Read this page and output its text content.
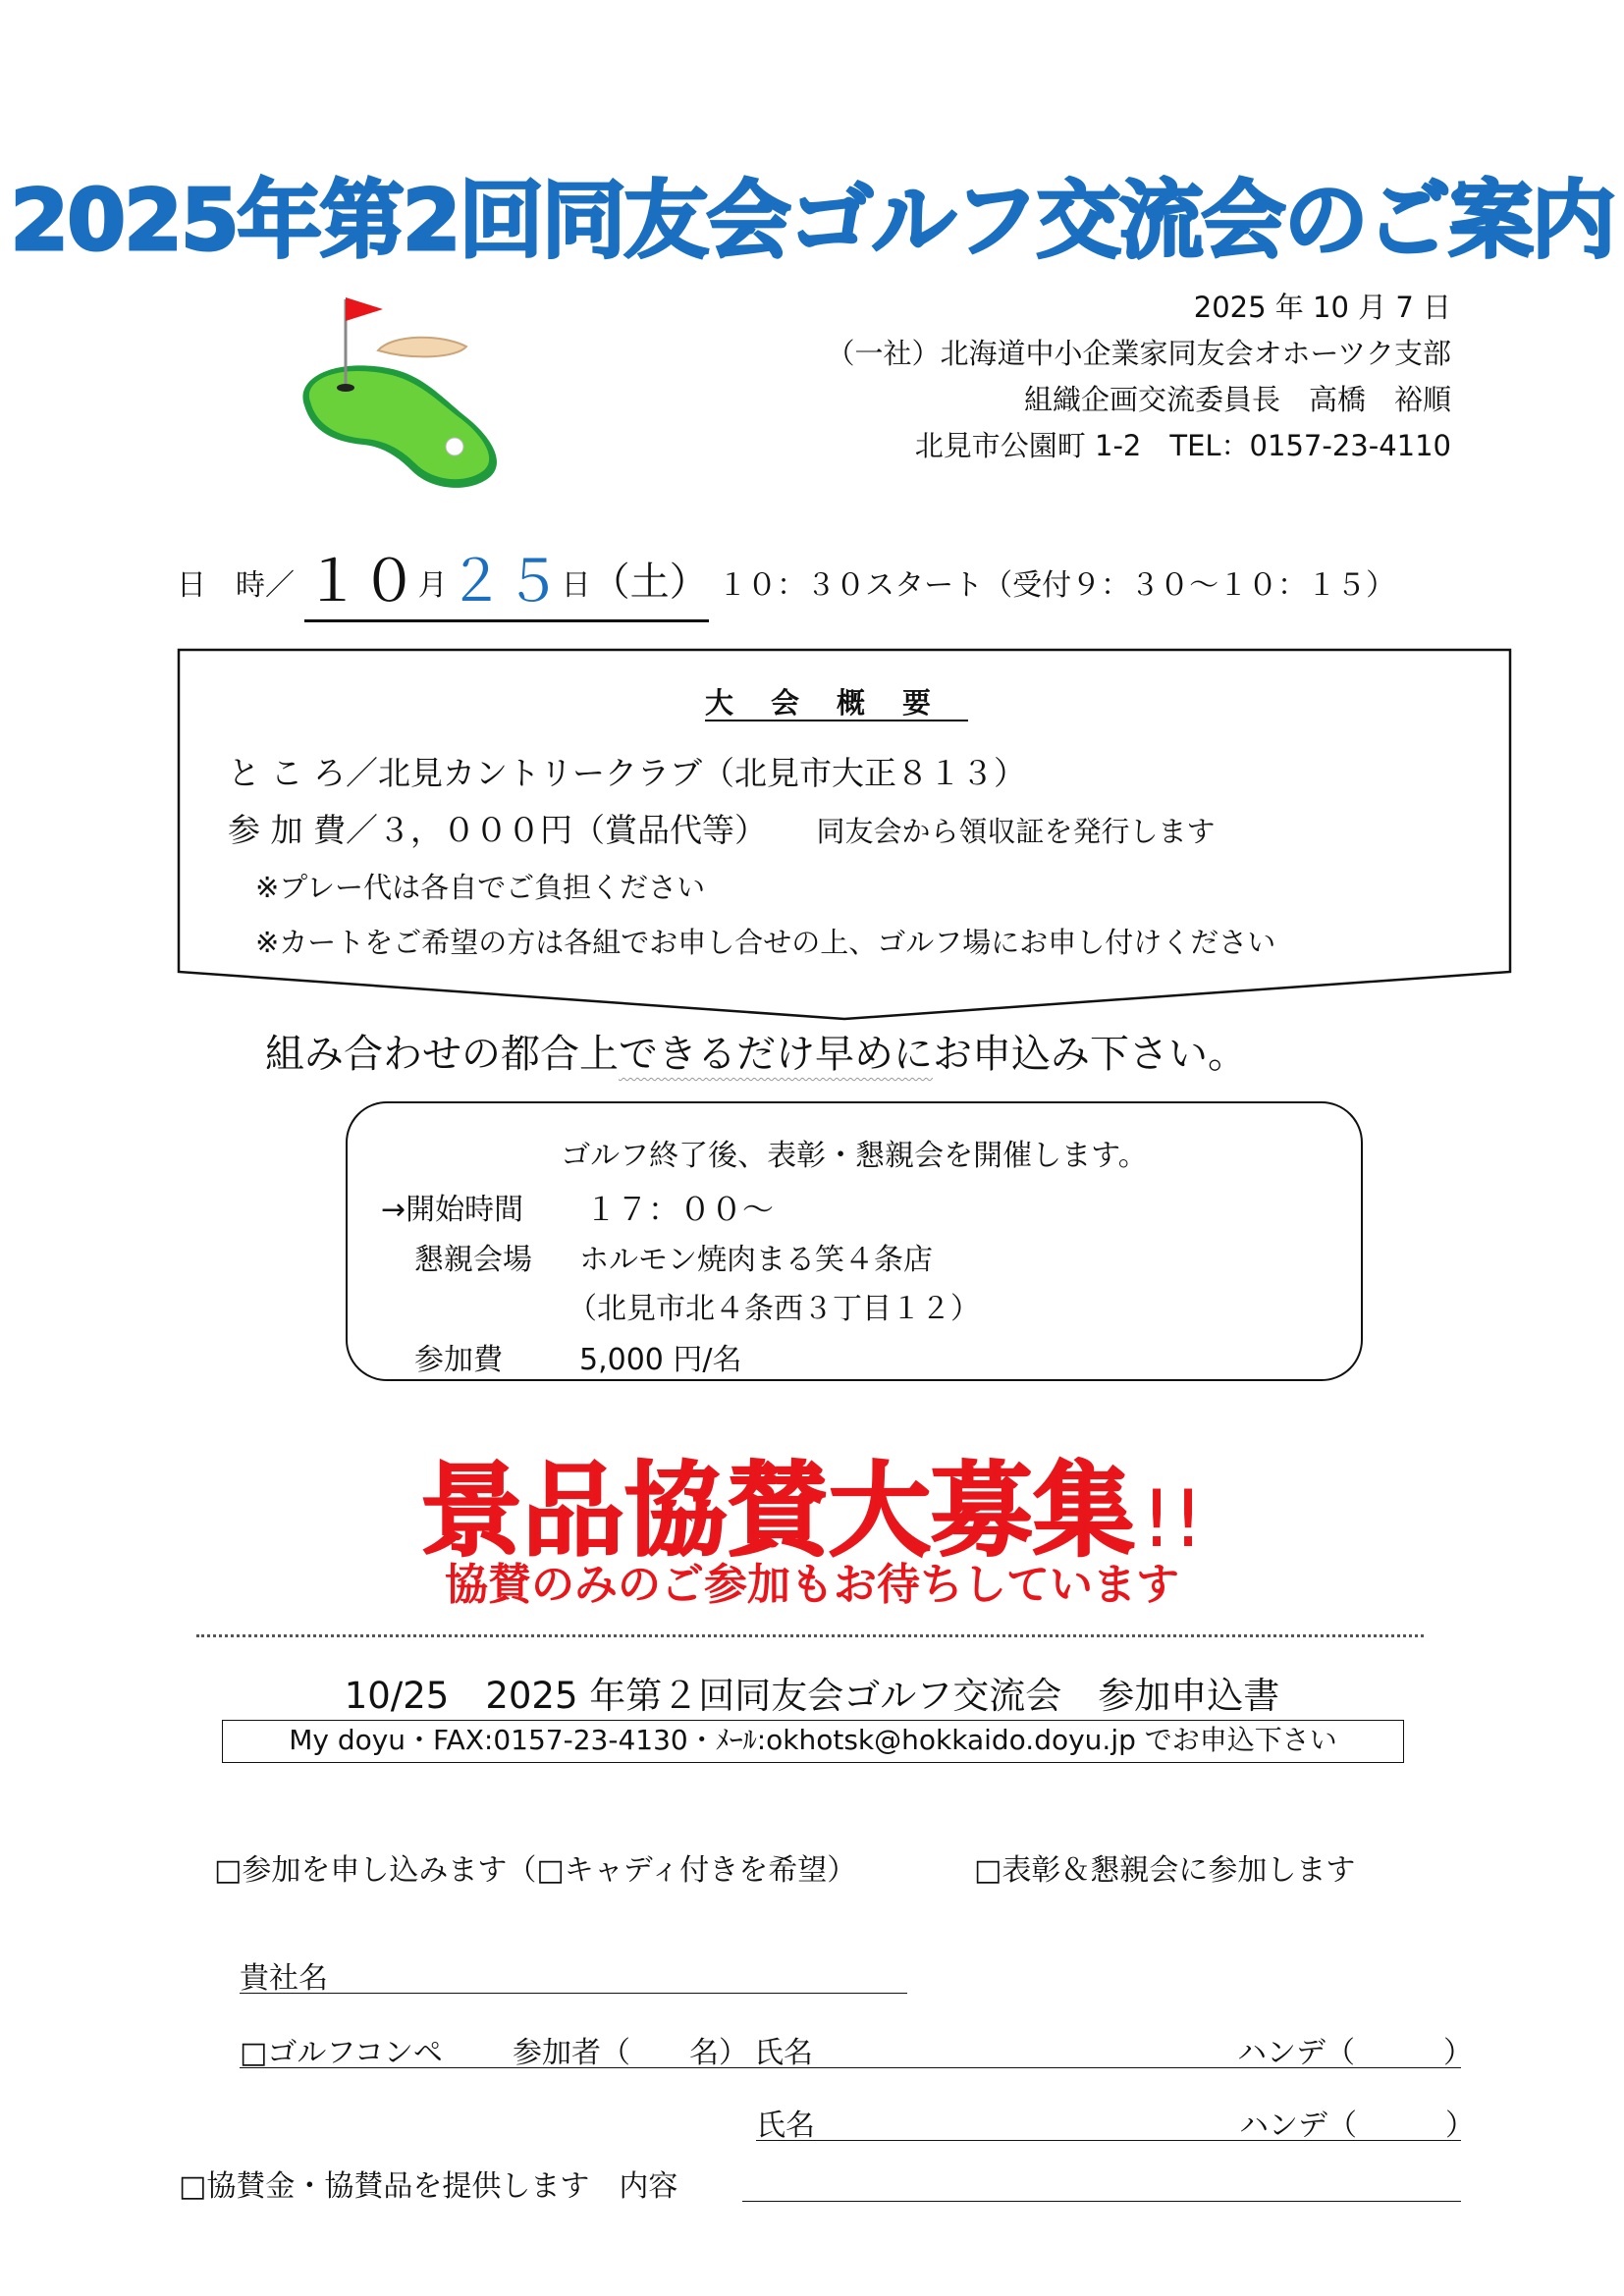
2025年第2回同友会ゴルフ交流会のご案内
2025 年 10 月 7 日
（一社）北海道中小企業家同友会オホーツク支部
組織企画交流委員長　高橋　裕順
北見市公園町 1-2　TEL：0157-23-4110
日　時／ １０月２５日（土） １０：３０スタート（受付９：３０〜１０：１５）
大会概要
と こ ろ／北見カントリークラブ（北見市大正８１３）
参 加 費／３，０００円（賞品代等） 同友会から領収証を発行します
※プレー代は各自でご負担ください
※カートをご希望の方は各組でお申し合せの上、ゴルフ場にお申し付けください
組み合わせの都合上できるだけ早めにお申込み下さい。
ゴルフ終了後、表彰・懇親会を開催します。
→開始時間 １７：００〜
懇親会場 ホルモン焼肉まる笑４条店
（北見市北４条西３丁目１２）
参加費	5,000 円/名
景品協賛大募集!!
協賛のみのご参加もお待ちしています
10/25　2025 年第２回同友会ゴルフ交流会　参加申込書
My doyu・FAX:0157-23-4130・ﾒｰﾙ:okhotsk@hokkaido.doyu.jp でお申込下さい
□参加を申し込みます（□キャディ付きを希望）	□表彰＆懇親会に参加します
貴社名
□ゴルフコンペ 参加者（　　名） 氏名	ハンデ（　　　）
氏名	ハンデ（　　　）
□協賛金・協賛品を提供します　内容
